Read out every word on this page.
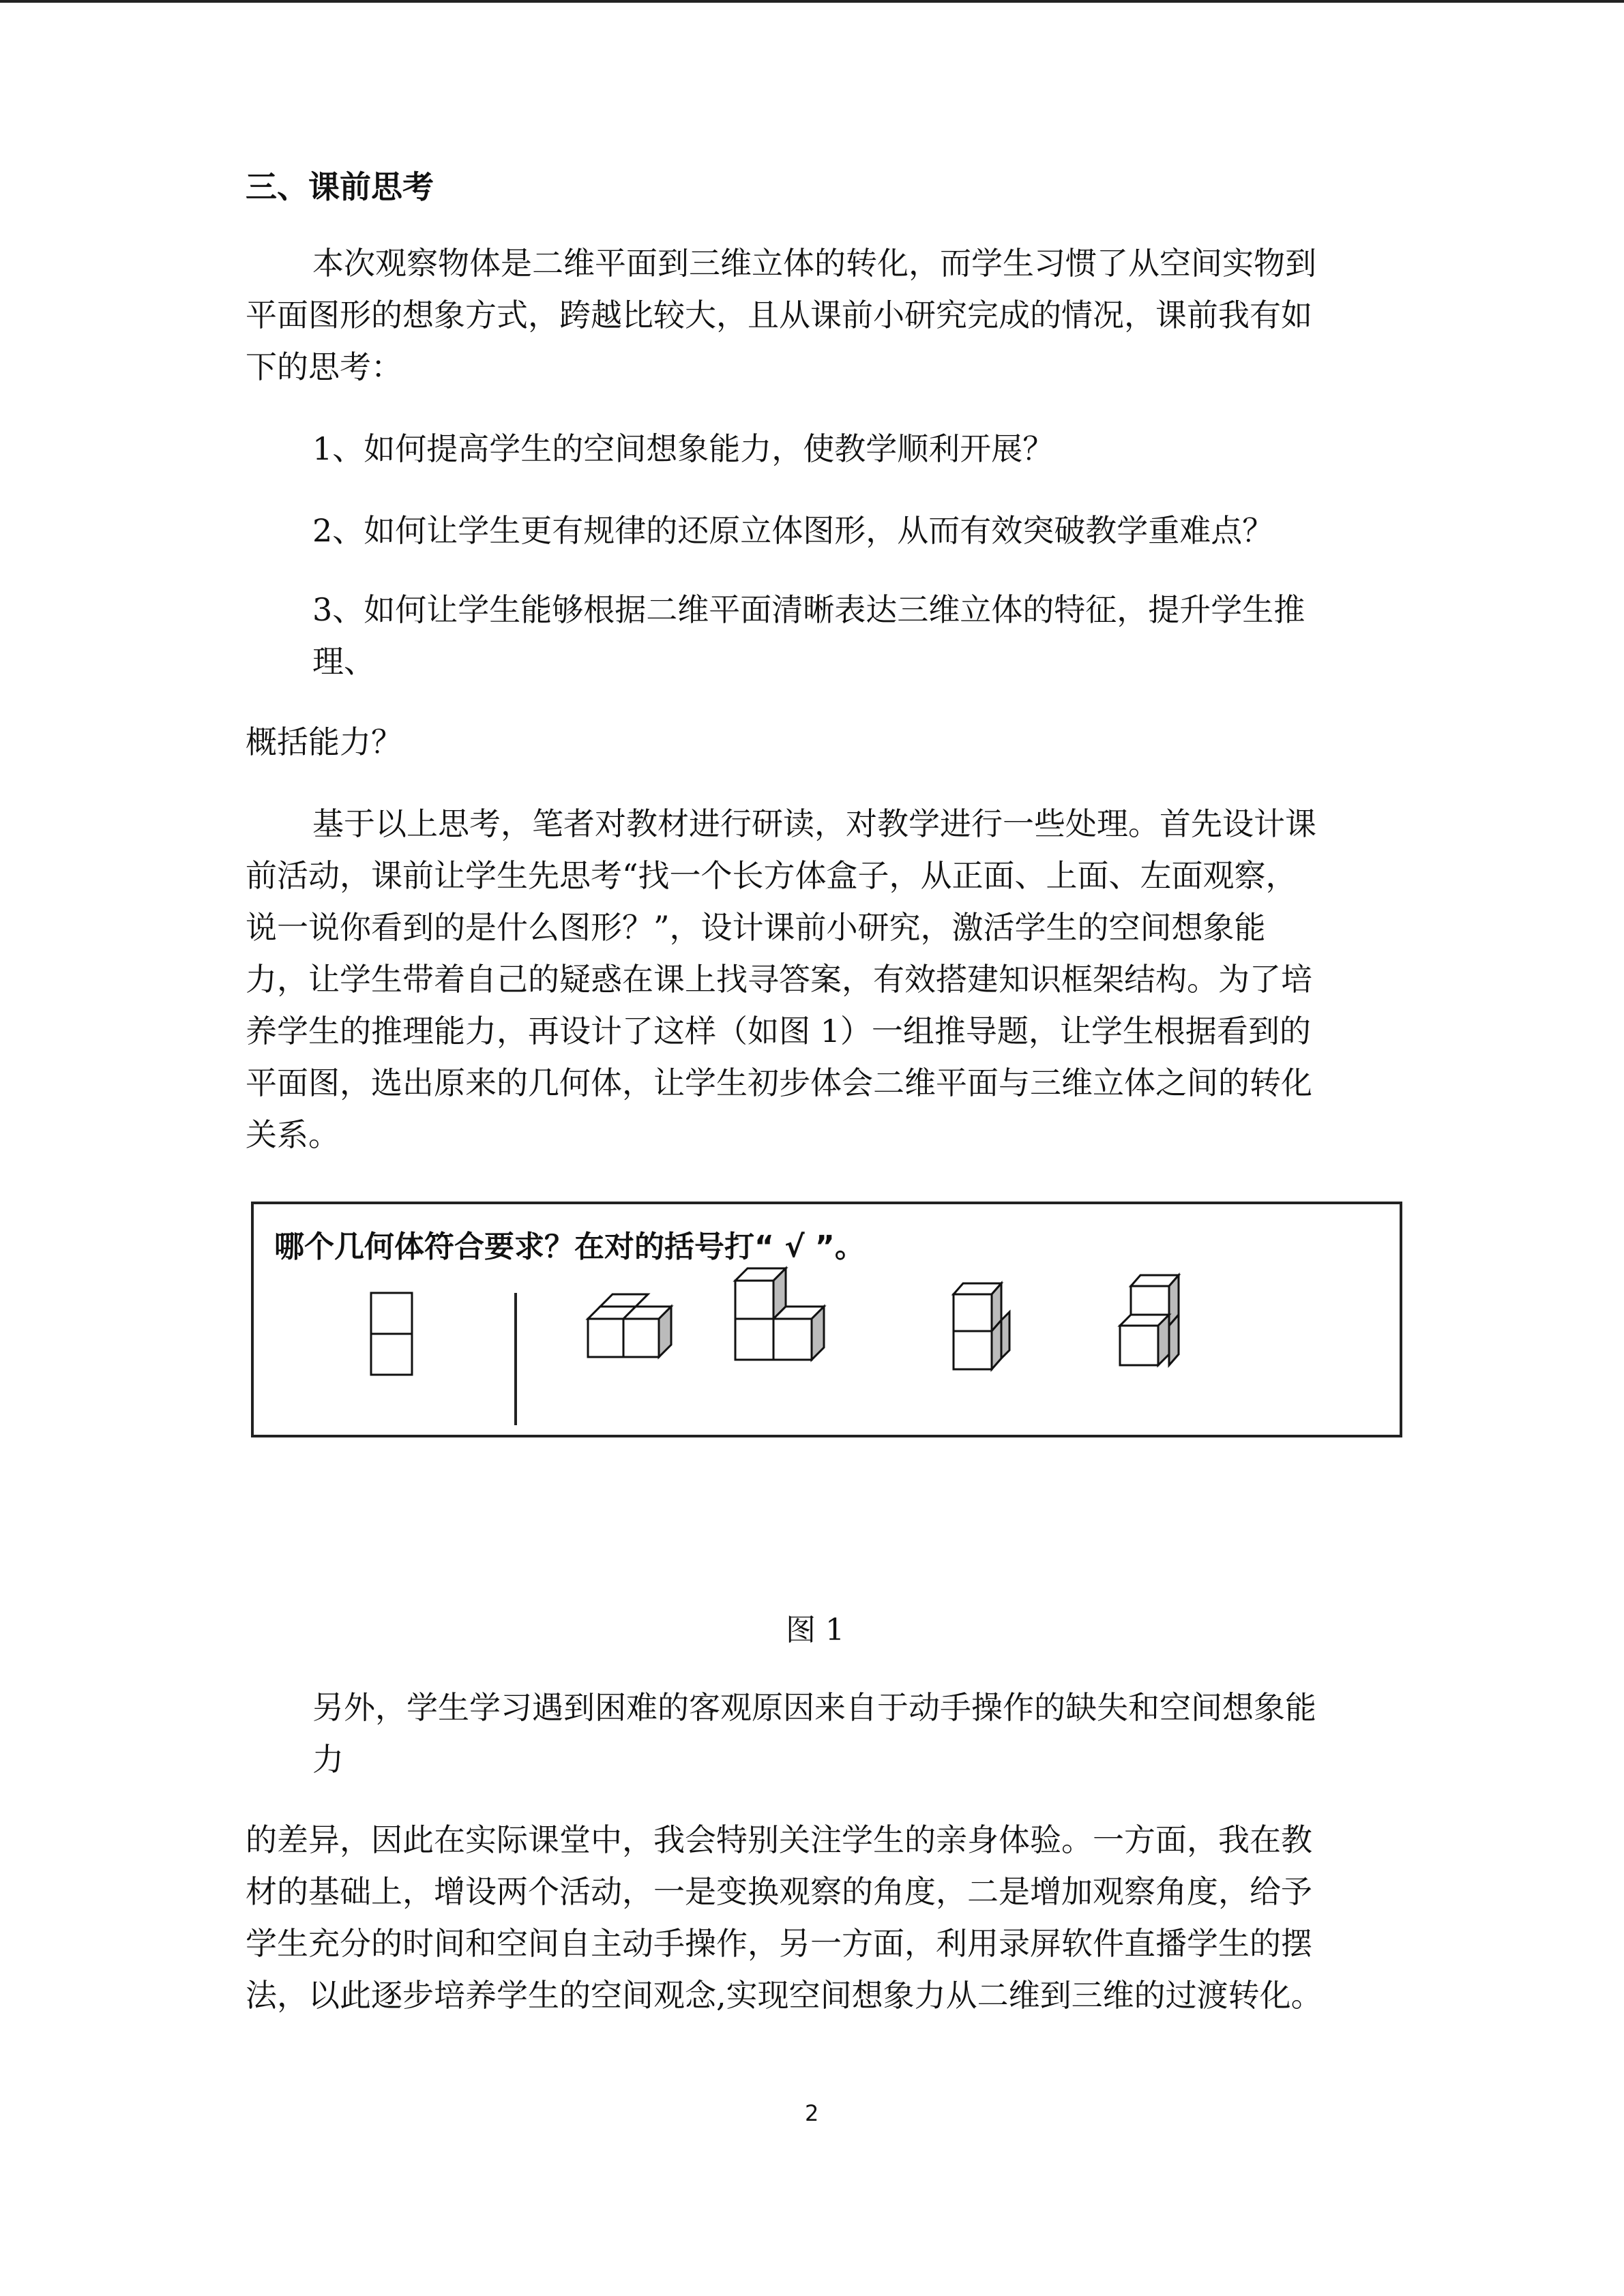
三、课前思考
本次观察物体是二维平面到三维立体的转化，而学生习惯了从空间实物到
平面图形的想象方式，跨越比较大，且从课前小研究完成的情况，课前我有如
下的思考：
1、如何提高学生的空间想象能力，使教学顺利开展？
2、如何让学生更有规律的还原立体图形，从而有效突破教学重难点？
3、如何让学生能够根据二维平面清晰表达三维立体的特征，提升学生推
理、
概括能力？
基于以上思考，笔者对教材进行研读，对教学进行一些处理。首先设计课
前活动，课前让学生先思考“找一个长方体盒子，从正面、上面、左面观察，
说一说你看到的是什么图形？”，设计课前小研究，激活学生的空间想象能
力，让学生带着自己的疑惑在课上找寻答案，有效搭建知识框架结构。为了培
养学生的推理能力，再设计了这样（如图 1）一组推导题，让学生根据看到的
平面图，选出原来的几何体，让学生初步体会二维平面与三维立体之间的转化
关系。
哪个几何体符合要求？在对的括号打“ √ ”。
图 1
另外，学生学习遇到困难的客观原因来自于动手操作的缺失和空间想象能
力
的差异，因此在实际课堂中，我会特别关注学生的亲身体验。一方面，我在教
材的基础上，增设两个活动，一是变换观察的角度，二是增加观察角度，给予
学生充分的时间和空间自主动手操作，另一方面，利用录屏软件直播学生的摆
法，以此逐步培养学生的空间观念,实现空间想象力从二维到三维的过渡转化。
2
